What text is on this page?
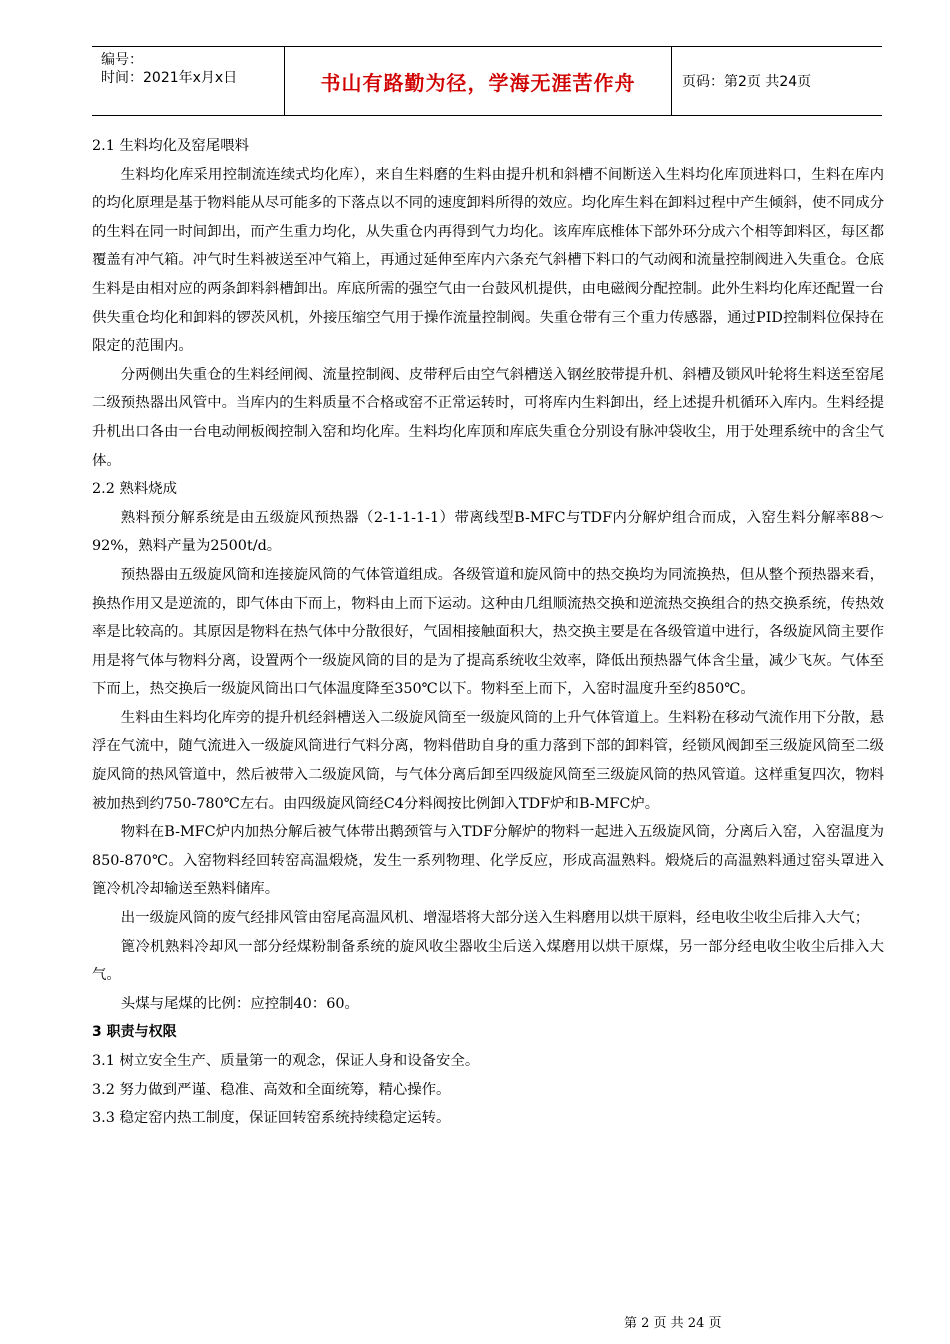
编号：
时间：2021年x月x日	书山有路勤为径，学海无涯苦作舟	页码：第2页 共24页

2.1 生料均化及窑尾喂料

生料均化库采用控制流连续式均化库），来自生料磨的生料由提升机和斜槽不间断送入生料均化库顶进料口，生料在库内的均化原理是基于物料能从尽可能多的下落点以不同的速度卸料所得的效应。均化库生料在卸料过程中产生倾斜，使不同成分的生料在同一时间卸出，而产生重力均化，从失重仓内再得到气力均化。该库库底椎体下部外环分成六个相等卸料区，每区都覆盖有冲气箱。冲气时生料被送至冲气箱上，再通过延伸至库内六条充气斜槽下料口的气动阀和流量控制阀进入失重仓。仓底生料是由相对应的两条卸料斜槽卸出。库底所需的强空气由一台鼓风机提供，由电磁阀分配控制。此外生料均化库还配置一台供失重仓均化和卸料的锣茨风机，外接压缩空气用于操作流量控制阀。失重仓带有三个重力传感器，通过PID控制料位保持在限定的范围内。

分两侧出失重仓的生料经闸阀、流量控制阀、皮带秤后由空气斜槽送入钢丝胶带提升机、斜槽及锁风叶轮将生料送至窑尾二级预热器出风管中。当库内的生料质量不合格或窑不正常运转时，可将库内生料卸出，经上述提升机循环入库内。生料经提升机出口各由一台电动闸板阀控制入窑和均化库。生料均化库顶和库底失重仓分别设有脉冲袋收尘，用于处理系统中的含尘气体。

2.2 熟料烧成

熟料预分解系统是由五级旋风预热器（2-1-1-1-1）带离线型B-MFC与TDF内分解炉组合而成，入窑生料分解率88～92%，熟料产量为2500t/d。

预热器由五级旋风筒和连接旋风筒的气体管道组成。各级管道和旋风筒中的热交换均为同流换热，但从整个预热器来看，换热作用又是逆流的，即气体由下而上，物料由上而下运动。这种由几组顺流热交换和逆流热交换组合的热交换系统，传热效率是比较高的。其原因是物料在热气体中分散很好，气固相接触面积大，热交换主要是在各级管道中进行，各级旋风筒主要作用是将气体与物料分离，设置两个一级旋风筒的目的是为了提高系统收尘效率，降低出预热器气体含尘量，减少飞灰。气体至下而上，热交换后一级旋风筒出口气体温度降至350℃以下。物料至上而下，入窑时温度升至约850℃。

生料由生料均化库旁的提升机经斜槽送入二级旋风筒至一级旋风筒的上升气体管道上。生料粉在移动气流作用下分散，悬浮在气流中，随气流进入一级旋风筒进行气料分离，物料借助自身的重力落到下部的卸料管，经锁风阀卸至三级旋风筒至二级旋风筒的热风管道中，然后被带入二级旋风筒，与气体分离后卸至四级旋风筒至三级旋风筒的热风管道。这样重复四次，物料被加热到约750-780℃左右。由四级旋风筒经C4分料阀按比例卸入TDF炉和B-MFC炉。

物料在B-MFC炉内加热分解后被气体带出鹅颈管与入TDF分解炉的物料一起进入五级旋风筒，分离后入窑，入窑温度为850-870℃。入窑物料经回转窑高温煅烧，发生一系列物理、化学反应，形成高温熟料。煅烧后的高温熟料通过窑头罩进入篦冷机冷却输送至熟料储库。

出一级旋风筒的废气经排风管由窑尾高温风机、增湿塔将大部分送入生料磨用以烘干原料，经电收尘收尘后排入大气；

篦冷机熟料冷却风一部分经煤粉制备系统的旋风收尘器收尘后送入煤磨用以烘干原煤，另一部分经电收尘收尘后排入大气。

头煤与尾煤的比例：应控制40：60。

3 职责与权限

3.1 树立安全生产、质量第一的观念，保证人身和设备安全。

3.2 努力做到严谨、稳准、高效和全面统筹，精心操作。

3.3 稳定窑内热工制度，保证回转窑系统持续稳定运转。

第 2 页 共 24 页
